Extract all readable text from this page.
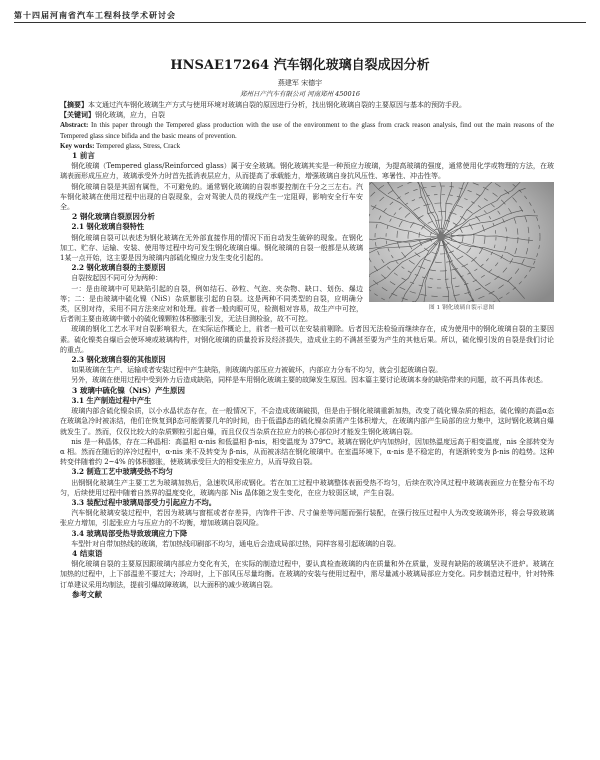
第十四届河南省汽车工程科技学术研讨会
HNSAE17264 汽车钢化玻璃自裂成因分析
燕建军 宋德宇
郑州日产汽车有限公司 河南郑州 450016

【摘要】本文通过汽车钢化玻璃生产方式与使用环境对玻璃自裂的原因进行分析，找出钢化玻璃自裂的主要原因与基本的预防手段。

【关键词】钢化玻璃，应力，自裂

Abstract: In this paper through the Tempered glass production with the use of the environment to the glass from crack reason analysis, find out the main reasons of the Tempered glass since bifida and the basic means of prevention.

Key words: Tempered glass, Stress, Crack

1 前言

钢化玻璃（Tempered glass/Reinforced glass）属于安全玻璃。钢化玻璃其实是一种预应力玻璃，为提高玻璃的强度，通常使用化学或物理的方法，在玻璃表面形成压应力，玻璃承受外力时首先抵消表层应力，从而提高了承载能力，增强玻璃自身抗风压性、寒暑性、冲击性等。

图 1 钢化玻璃自裂示意图

钢化玻璃自裂是其固有属性，不可避免的。通常钢化玻璃的自裂率要控制在千分之三左右。汽车钢化玻璃在使用过程中出现的自裂现象，会对驾驶人员的视线产生一定阻碍，影响安全行车安全。

2 钢化玻璃自裂原因分析

2.1 钢化玻璃自裂特性

钢化玻璃自裂可以表述为钢化玻璃在无外部直接作用的情况下而自动发生破碎的现象。在钢化加工、贮存、运输、安装、使用等过程中均可发生钢化玻璃自爆。钢化玻璃的自裂一般都是从玻璃1某一点开始，这主要是因为玻璃内部硫化镍应力发生变化引起的。

2.2 钢化玻璃自裂的主要原因

自裂按起因不同可分为两种：

一：是由玻璃中可见缺陷引起的自裂，例如结石、砂粒、气泡、夹杂物、缺口、划伤、爆边等；二：是由玻璃中硫化镍（NiS）杂质膨胀引起的自裂。这是两种不同类型的自裂，应明确分类，区别对待，采用不同方法来应对和处理。前者一般肉眼可见，检测相对容易，故生产中可控，后者则主要由玻璃中微小的硫化镍颗粒体积膨胀引发，无法目测检验，故不可控。

玻璃的钢化工艺水平对自裂影响很大，在实际运作概论上，前者一般可以在安装前剔除。后者因无法检验而继续存在，成为使用中的钢化玻璃自裂的主要因素。硫化镍类自爆后会使环境或玻璃构件，对钢化玻璃的质量投诉及经济损失，造成业主的不满甚至要为产生的其他后果。所以，硫化镍引发的自裂是我们讨论的重点。

2.3 钢化玻璃自裂的其他原因

如果玻璃在生产、运输或者安装过程中产生缺陷，则玻璃内部压应力被破坏，内部应力分布不均匀，就会引起玻璃自裂。

另外，玻璃在使用过程中受到外力后造成缺陷，同样是车用钢化玻璃主要的故障发生原因。因本篇主要讨论玻璃本身的缺陷带来的问题，故不再具体表述。

3 玻璃中硫化镍（NiS）产生原因

3.1 生产制造过程中产生

玻璃内部含硫化镍杂质，以小水晶状态存在，在一般情况下，不会造成玻璃破损，但是由于钢化玻璃重新加热，改变了硫化镍杂质的相态，硫化镍的高温α态在玻璃急冷时被冻结，他们在恢复到β态可能需要几年的时间，由于低温β态的硫化镍杂质需产生体积增大，在玻璃内部产生局部的应力集中，这时钢化玻璃自爆就发生了。然而，仅仅比较大的杂质颗粒引起自爆，而且仅仅当杂质在拉应力的核心部位时才能发生钢化玻璃自裂。

nis 是一种晶体，存在二种晶相：高温相 α-nis 和低温相 β-nis，相变温度为 379℃。玻璃在钢化炉内加热时，因加热温度远高于相变温度，nis 全部转变为 α 相。然而在随后的淬冷过程中，α-nis 来不及转变为 β-nis，从而被冻结在钢化玻璃中。在室温环境下，α-nis 是不稳定的，有逐渐转变为 β-nis 的趋势。这种转变伴随着约 2~4% 的体积膨胀，使玻璃承受巨大的相变张应力，从而导致自裂。

3.2 制造工艺中玻璃受热不均匀

出钢钢化玻璃生产主要工艺为玻璃加热后，急速吹风形成钢化。若在加工过程中玻璃整体表面受热不均匀，后续在吹冷风过程中玻璃表面应力在整分布不均匀，后续使用过程中随着自然界的温度变化，玻璃内部 Nis 晶体随之发生变化，在应力较弱区域，产生自裂。

3.3 装配过程中玻璃局部受力引起应力不均。

汽车钢化玻璃安装过程中，若因为玻璃与窗框或者存差异，内饰件干涉、尺寸偏差等问题而强行装配，在强行按压过程中人为改变玻璃外形，将会导致玻璃张应力增加，引起张应力与压应力的不均衡，增加玻璃自裂风险。

3.4 玻璃局部受热导致玻璃应力下降

车型针对自带加热线的玻璃，若加热线印刷部不均匀，通电后会造成局部过热，同样容易引起玻璃的自裂。

4 结束语

钢化玻璃自裂的主要原因跟玻璃内部应力变化有关，在实际的制造过程中，要认真检查玻璃的内在质量和外在质量，发现有缺陷的玻璃坚决不进炉。玻璃在加热的过程中，上下部温差不要过大；冷却时，上下部风压尽量均衡。在玻璃的安装与使用过程中，需尽量减小玻璃局部应力变化。同步制造过程中，针对特殊订单建议采用均制法，提前引爆故障玻璃，以大面积的减少玻璃自裂。

参考文献
